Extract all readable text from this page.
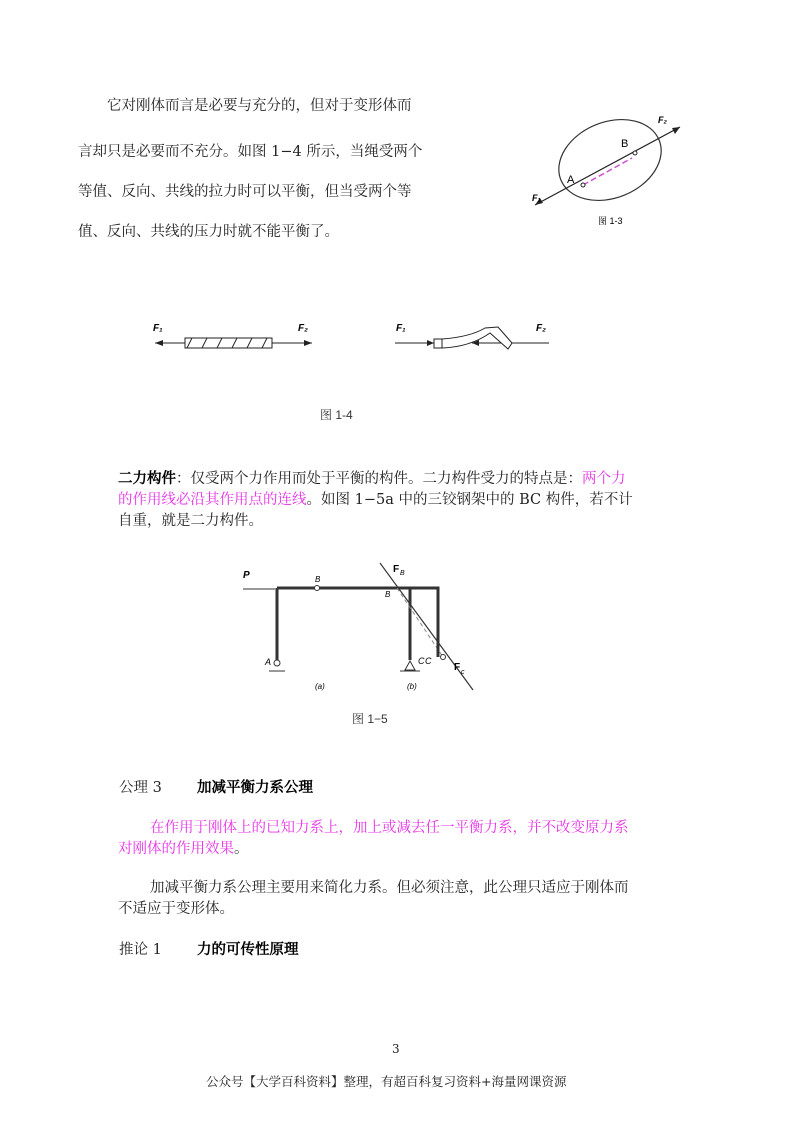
它对刚体而言是必要与充分的，但对于变形体而
言却只是必要而不充分。如图 1−4 所示，当绳受两个
等值、反向、共线的拉力时可以平衡，但当受两个等
值、反向、共线的压力时就不能平衡了。
A
B
F₁
F₂
图 1-3
F₁	F₂	F₁	F₂
图 1-4
二力构件：仅受两个力作用而处于平衡的构件。二力构件受力的特点是：两个力
的作用线必沿其作用点的连线。如图 1−5a 中的三铰钢架中的 BC 构件，若不计
自重，就是二力构件。
P	B
A	C
(a)
F B
B
C
F c
(b)
图 1−5
公理 3 加减平衡力系公理
在作用于刚体上的已知力系上，加上或减去任一平衡力系，并不改变原力系
对刚体的作用效果。
加减平衡力系公理主要用来简化力系。但必须注意，此公理只适应于刚体而
不适应于变形体。
推论 1 力的可传性原理
3
公众号【大学百科资料】整理，有超百科复习资料+海量网课资源
